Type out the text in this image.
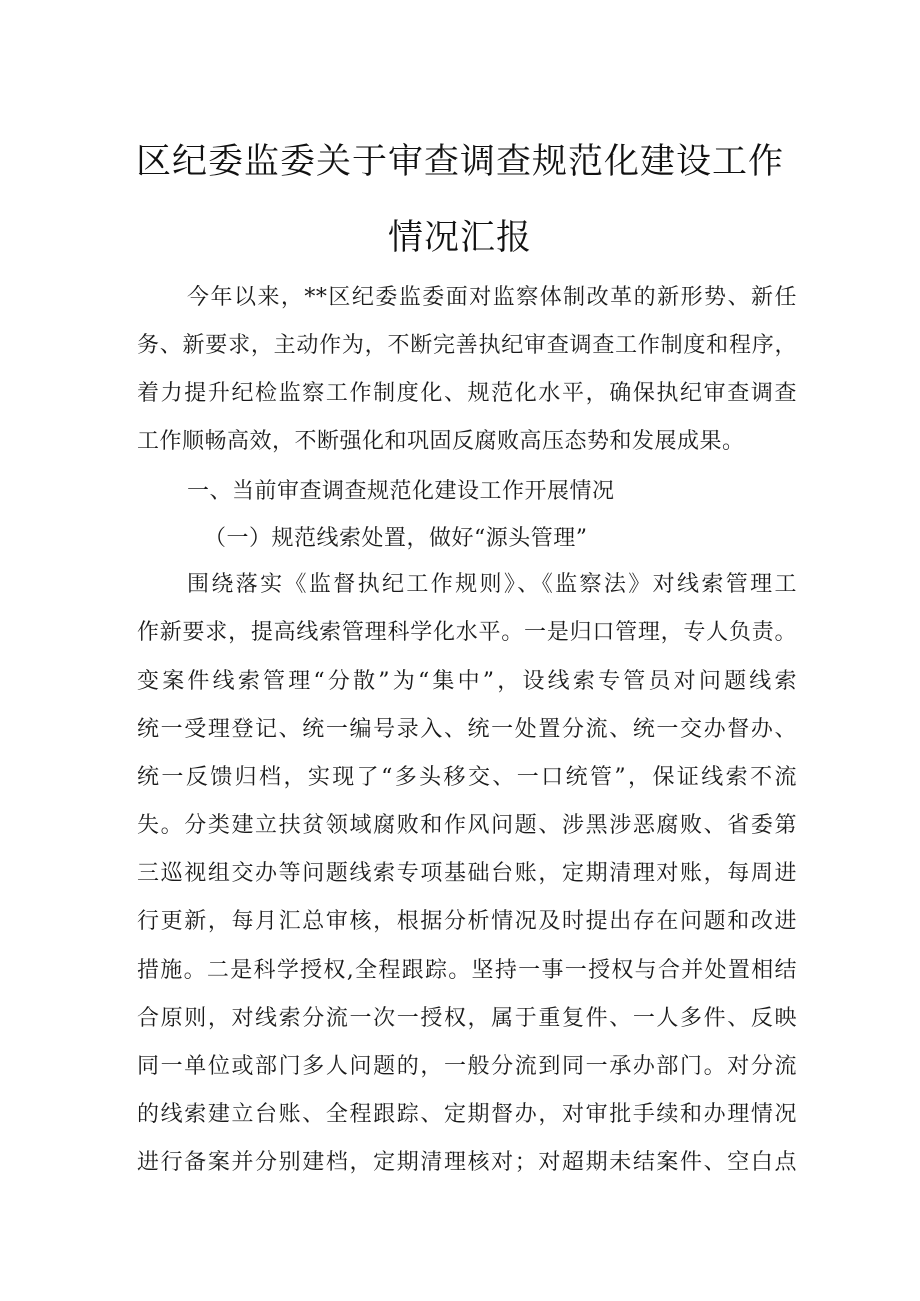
区纪委监委关于审查调查规范化建设工作
情况汇报
今年以来，**区纪委监委面对监察体制改革的新形势、新任
务、新要求，主动作为，不断完善执纪审查调查工作制度和程序，
着力提升纪检监察工作制度化、规范化水平，确保执纪审查调查
工作顺畅高效，不断强化和巩固反腐败高压态势和发展成果。
一、当前审查调查规范化建设工作开展情况
（一）规范线索处置，做好“源头管理”
围绕落实《监督执纪工作规则》、《监察法》对线索管理工
作新要求，提高线索管理科学化水平。一是归口管理，专人负责。
变案件线索管理“分散”为“集中”，设线索专管员对问题线索
统一受理登记、统一编号录入、统一处置分流、统一交办督办、
统一反馈归档，实现了“多头移交、一口统管”，保证线索不流
失。分类建立扶贫领域腐败和作风问题、涉黑涉恶腐败、省委第
三巡视组交办等问题线索专项基础台账，定期清理对账，每周进
行更新，每月汇总审核，根据分析情况及时提出存在问题和改进
措施。二是科学授权,全程跟踪。坚持一事一授权与合并处置相结
合原则，对线索分流一次一授权，属于重复件、一人多件、反映
同一单位或部门多人问题的，一般分流到同一承办部门。对分流
的线索建立台账、全程跟踪、定期督办，对审批手续和办理情况
进行备案并分别建档，定期清理核对；对超期未结案件、空白点
